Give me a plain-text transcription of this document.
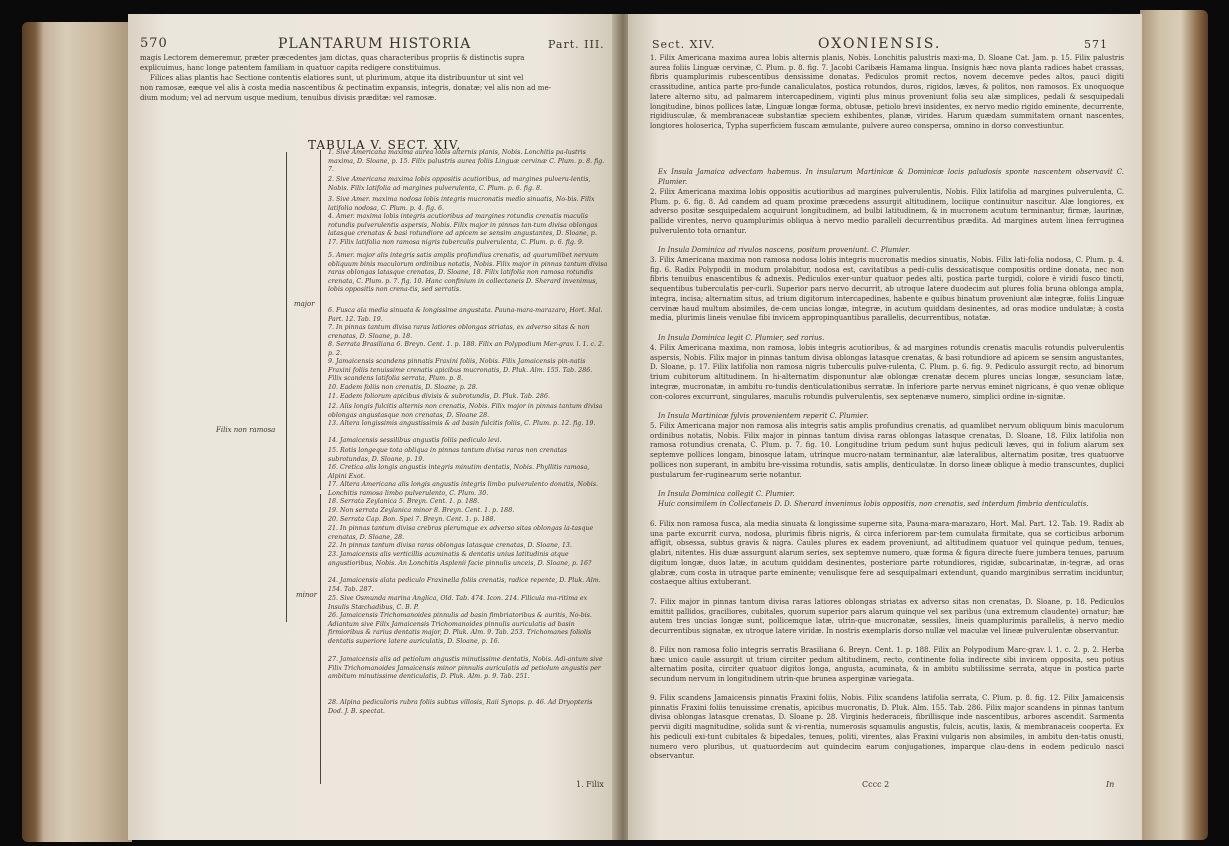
570	PLANTARUM HISTORIA	Part. III.
magis Lectorem demeremur, præter præcedentes jam dictas, quas characteribus propriis & distinctis supra
explicuimus, hanc longe patentem familiam in quatuor capita redigere constituimus.
Filices alias plantis hac Sectione contentis elatiores sunt, ut plurimum, atque ita distribuuntur ut sint vel
non ramosæ, eæque vel alis à costa media nascentibus & pectinatim expansis, integris, donatæ; vel alis non ad me-
dium modum; vel ad nervum usque medium, tenuibus divisis præditæ: vel ramosæ.
TABULA V. SECT. XIV.
Filix non ramosa
major
minor
1. Sive Americana maxima aurea lobis alternis planis, Nobis. Lonchitis pa-lustris maxima, D. Sloane, p. 15. Filix palustris aurea foliis Linguæ cervinæ C. Plum. p. 8. fig. 7.
2. Sive Americana maxima lobis oppositis acutioribus, ad margines pulveru-lentis, Nobis. Filix latifolia ad margines pulverulenta, C. Plum. p. 6. fig. 8.
3. Sive Amer. maxima nodosa lobis integris mucronatis medio sinuatis, No-bis. Filix latifolia nodosa, C. Plum. p. 4. fig. 6.
4. Amer. maxima lobis integris acutioribus ad margines rotundis crenatis maculis rotundis pulverulentis aspersis, Nobis. Filix major in pinnas tan-tum divisa oblongas latasque crenatas & basi rotundiore ad apicem se sensim angustantes, D. Sloane, p. 17. Filix latifolia non ramosa nigris tuberculis pulverulenta, C. Plum. p. 6. fig. 9.
5. Amer. major alis integris satis amplis profundius crenatis, ad quarumlibet nervum obliquum binis maculorum ordinibus notatis, Nobis. Filix major in pinnas tantum divisa raras oblongas latasque crenatas, D. Sloane, 18. Filix latifolia non ramosa rotundis crenata, C. Plum. p. 7. fig. 10. Hanc confinium in collectaneis D. Sherard invenimus, lobis oppositis non crena-tis, sed serratis.
6. Fusca ala media sinuata & longissime angustata. Pauna-mara-marazaro, Hort. Mal. Part. 12. Tab. 19.
7. In pinnas tantum divisa raras latiores oblongas striatas, ex adverso sitas & non crenatas, D. Sloane, p. 18.
8. Serrata Brasiliana 6. Breyn. Cent. 1. p. 188. Filix an Polypodium Mer-grav. l. 1. c. 2. p. 2.
9. Jamaicensis scandens pinnatis Fraxini foliis, Nobis. Filix Jamaicensis pin-natis Fraxini foliis tenuissime crenatis apicibus mucronatis, D. Pluk. Alm. 155. Tab. 286. Filix scandens latifolia serrata, Plum. p. 8.
10. Eadem foliis non crenatis, D. Sloane, p. 28.
11. Eadem foliorum apicibus divisis & subrotundis, D. Pluk. Tab. 286.
12. Alis longis fulcitis alternis non crenatis, Nobis. Filix major in pinnas tantum divisa oblongas angustasque non crenatas, D. Sloane 28.
13. Altera longissimis angustissimis & ad basin fulcitis foliis, C. Plum. p. 12. fig. 19.
14. Jamaicensis sessilibus angustis foliis pediculo levi.
15. Rotis longeque tota obliqua in pinnas tantum divisa raras non crenatas subrotundas, D. Sloane, p. 19.
16. Cretica alis longis angustis integris minutim dentatis, Nobis. Phyllitis ramosa, Alpini Exot.
17. Altera Americana alis longis angustis integris limbo pulverulento donatis, Nobis. Lonchitis ramosa limbo pulverulento, C. Plum. 30.
18. Serrata Zeylanica 5. Breyn. Cent. 1. p. 188.
19. Non serrata Zeylanica minor 8. Breyn. Cent. 1. p. 188.
20. Serrata Cap. Bon. Spei 7. Breyn. Cent. 1. p. 188.
21. In pinnas tantum divisa crebras plerumque ex adverso sitas oblongas la-tasque crenatas, D. Sloane, 28.
22. In pinnas tantum divisa raras oblongas latasque crenatas, D. Sloane, 13.
23. Jamaicensis alis verticillis acuminatis & dentatis unius latitudinis atque angustioribus, Nobis. An Lonchitis Asplenii facie pinnulis unceis, D. Sloane, p. 16?
24. Jamaicensis alata pediculo Fraxinella foliis crenatis, radice repente, D. Pluk. Alm. 154. Tab. 287.
25. Sive Osmunda marina Anglica, Old. Tab. 474. Icon. 214. Filicula ma-ritima ex Insulis Stæchadibus, C. B. P.
26. Jamaicensis Trichomanoides pinnulis ad basin fimbriatoribus & auritis, No-bis. Adiantum sive Filix Jamaicensis Trichomanoides pinnulis auriculatis ad basin firmioribus & rarius dentatis major, D. Pluk. Alm. 9. Tab. 253. Trichomanes foliolis dentatis superiore latere auriculatis, D. Sloane, p. 16.
27. Jamaicensis alis ad petiolum angustis minutissime dentatis, Nobis. Adi-antum sive Filix Trichomanoides Jamaicensis minor pinnulis auriculatis ad petiolum angustis per ambitum minutissime denticulatis, D. Pluk. Alm. p. 9. Tab. 251.
28. Alpina pediculoris rubra foliis subtus villosis, Raii Synops. p. 46. Ad Dryopteris Dod. J. B. spectat.
1. Filix
Sect. XIV.	OXONIENSIS.	571
1. Filix Americana maxima aurea lobis alternis planis, Nobis. Lonchitis palustris maxi-ma, D. Sloane Cat. Jam. p. 15. Filix palustris aurea foliis Linguæ cervinæ, C. Plum. p. 8. fig. 7. Jacobi Caribæis Hamama lingua. Insignis hæc nova planta radices habet crassas, fibris quamplurimis rubescentibus densissime donatas. Pediculos promit rectos, novem decemve pedes altos, pauci digiti crassitudine, antica parte pro-funde canaliculatos, postica rotundos, duros, rigidos, læves, & politos, non ramosos. Ex unoquoque latere alterno situ, ad palmarem intercapedinem, viginti plus minus proveniunt folia seu alæ simplices, pedali & sesquipedali longitudine, binos pollices latæ, Linguæ longæ forma, obtusæ, petiolo brevi insidentes, ex nervo medio rigido eminente, decurrente, rigidiusculæ, & membranaceæ substantiæ speciem exhibentes, planæ, virides. Harum quædam summitatem ornant nascentes, longiores holoserica, Typha superficiem fuscam æmulante, pulvere aureo conspersa, omnino in dorso convestiuntur.
Ex Insula Jamaica advectam habemus. In insularum Martinicæ & Dominicæ locis paludosis sponte nascentem observavit C. Plumier.
2. Filix Americana maxima lobis oppositis acutioribus ad margines pulverulentis, Nobis. Filix latifolia ad margines pulverulenta, C. Plum. p. 6. fig. 8. Ad candem ad quam proxime præcedens assurgit altitudinem, lociique continuitur nascitur. Alæ longiores, ex adverso positæ sesquipedalem acquirunt longitudinem, ad bulbi latitudinem, & in mucronem acutum terminantur, firmæ, laurinæ, pallide virentes, nervo quamplurimis obliqua à nervo medio paralleli decurrentibus prædita. Ad margines autem linea ferruginea pulverulento tota ornantur.
In Insula Dominica ad rivulos nascens, positum proveniunt. C. Plumier.
3. Filix Americana maxima non ramosa nodosa lobis integris mucronatis medios sinuatis, Nobis. Filix lati-folia nodosa, C. Plum. p. 4. fig. 6. Radix Polypodii in modum prolabitur, nodosa est, cavitatibus a pedi-culis dessicatisque compositis ordine donata, nec non fibris tenuibus enascentibus & adnexis. Pediculos exer-untur quatuor pedes alti, postica parte turgidi, colore è viridi fusco tincti, sequentibus tuberculatis per-curli. Superior pars nervo decurrit, ab utroque latere duodecim aut plures folia bruna oblonga ampla, integra, incisa; alternatim situs, ad trium digitorum intercapedines, habente e quibus binatum proveniunt alæ integræ, foliis Linguæ cervinæ haud multum absimiles, de-cem uncias longæ, integræ, in acutum quiddam desinentes, ad oras modice undulatæ; à costa media, plurimis lineis venulae fibi invicem appropinquantibus parallelis, decurrentibus, notatæ.
In Insula Dominica legit C. Plumier, sed rarius.
4. Filix Americana maxima, non ramosa, lobis integris acutioribus, & ad margines rotundis crenatis maculis rotundis pulverulentis aspersis, Nobis. Filix major in pinnas tantum divisa oblongas latasque crenatas, & basi rotundiore ad apicem se sensim angustantes, D. Sloane, p. 17. Filix latifolia non ramosa nigris tuberculis pulve-rulenta, C. Plum. p. 6. fig. 9. Pediculo assurgit recto, ad binorum trium cubitorum altitudinem. In hi-alternatim disponuntur alæ oblongæ crenatæ decem plures uncias longæ, sesunciam latæ, integræ, mucronatæ, in ambitu ro-tundis denticulationibus serratæ. In inferiore parte nervus eminet nigricans, è quo venæ oblique con-colores excurrunt, singulares, maculis rotundis pulverulentis, sex septenæve numero, simplici ordine in-signitæ.
In Insula Martinicæ fylvis provenientem reperit C. Plumier.
5. Filix Americana major non ramosa alis integris satis amplis profundius crenatis, ad quamlibet nervum obliquum binis maculorum ordinibus notatis, Nobis. Filix major in pinnas tantum divisa raras oblongas latasque crenatas, D. Sloane, 18. Filix latifolia non ramosa rotundius crenata, C. Plum. p. 7. fig. 10. Longitudine trium pedum sunt hujus pediculi læves, qui in folium alarum sex septemve pollices longam, binosque latam, utrinque mucro-natam terminantur, alæ lateralibus, alternatim positæ, tres quatuorve pollices non superant, in ambitu bre-vissima rotundis, satis amplis, denticulatæ. In dorso lineæ oblique à medio transcuntes, duplici pustularum fer-ruginearum serie notantur.
In Insula Dominica collegit C. Plumier.
Huic consimilem in Collectaneis D. D. Sherard invenimus lobis oppositis, non crenatis, sed interdum fimbria denticulatis.
6. Filix non ramosa fusca, ala media sinuata & longissime superne sita, Pauna-mara-marazaro, Hort. Mal. Part. 12. Tab. 19. Radix ab una parte excurrit curva, nodosa, plurimis fibris nigris, & circa inferiorem par-tem cumulata firmitate, qua se corticibus arborum affigit, obsessa, subtus gravis & nigra. Caules plures ex eadem proveniunt, ad altitudinem quatuor vel quinque pedum, tenues, glabri, nitentes. His duæ assurgunt alarum series, sex septemve numero, quæ forma & figura directe fuere jumbera tenues, paruum digitum longæ, duos latæ, in acutum quiddam desinentes, posteriore parte rotundiores, rigidæ, subcarinatæ, in-tegræ, ad oras glabræ, cum costa in utraque parte eminente; venulisque fere ad sesquipalmari extendunt, quando marginibus serratim inciduntur, costaeque altius extuberant.
7. Filix major in pinnas tantum divisa raras latiores oblongas striatas ex adverso sitas non crenatas, D. Sloane, p. 18. Pediculos emittit pallidos, graciliores, cubitales, quorum superior pars alarum quinque vel sex paribus (una extremum claudente) ornatur; hæ autem tres uncias longæ sunt, pollicemque latæ, utrin-que mucronatæ, sessiles, lineis quamplurimis parallelis, à nervo medio decurrentibus signatæ, ex utroque latere viridæ. In nostris exemplaris dorso nullæ vel maculæ vel lineæ pulverulentæ observantur.
8. Filix non ramosa folio integris serratis Brasiliana 6. Breyn. Cent. 1. p. 188. Filix an Polypodium Marc-grav. l. 1. c. 2. p. 2. Herba hæc unico caule assurgit ut trium circiter pedum altitudinem, recto, continente folia indirecte sibi invicem opposita, seu potius alternatim posita, circiter quatuor digitos longa, angusta, acuminata, & in ambitu subtilissime serrata, atque in postica parte secundum nervum in longitudinem utrin-que brunea asperginæ variegata.
9. Filix scandens Jamaicensis pinnatis Fraxini foliis, Nobis. Filix scandens latifolia serrata, C. Plum. p. 8. fig. 12. Filix Jamaicensis pinnatis Fraxini foliis tenuissime crenatis, apicibus mucronatis, D. Pluk. Alm. 155. Tab. 286. Filix major scandens in pinnas tantum divisa oblongas latasque crenatas, D. Sloane p. 28. Virginis hederaceis, fibrillisque inde nascentibus, arbores ascendit. Sarmenta pervii digiti magnitudine, solida sunt & vi-rentia, numerosis squamulis angustis, fulcis, acutis, laxis, & membranaceis cooperta. Ex his pediculi exi-tunt cubitales & bipedales, tenues, politi, virentes, alas Fraxini vulgaris non absimiles, in ambitu den-tatis onusti, numero vero pluribus, ut quatuordecim aut quindecim earum conjugationes, imparque clau-dens in eodem pediculo nasci observantur.
Cccc 2	In
